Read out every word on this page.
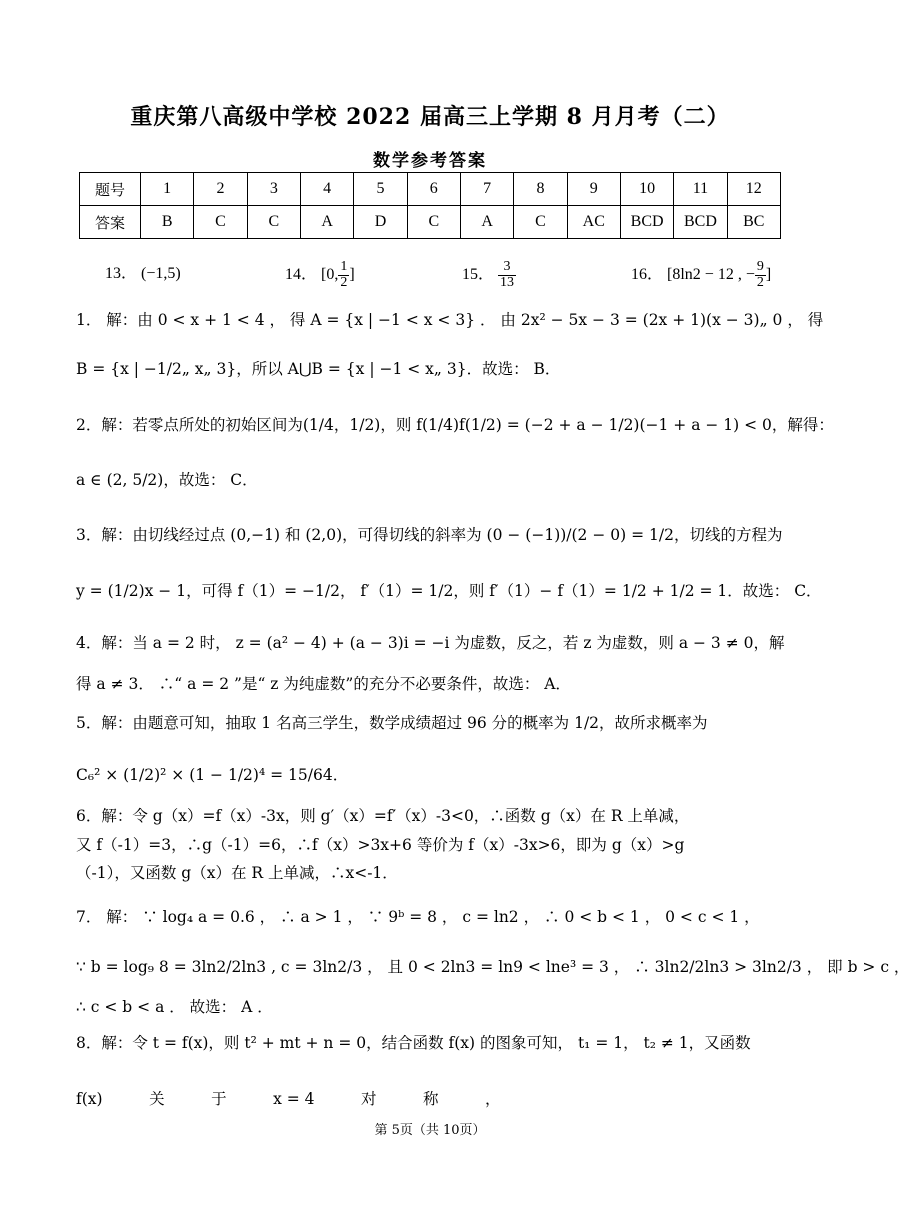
重庆第八高级中学校 2022 届高三上学期 8 月月考（二）
数学参考答案
题号	1	2	3	4	5	6	7	8	9	10	11	12
答案	B	C	C	A	D	C	A	C	AC	BCD	BCD	BC
13． (−1,5)	14． [0, $\frac{1}{2}$ ]	15． $\frac{3}{13}$	16． [8ln2 − 12 , − $\frac{9}{2}$ ]
1． 解：由 0 < x + 1 < 4 ， 得 A = {x | −1 < x < 3} ． 由 2x² − 5x − 3 = (2x + 1)(x − 3)„ 0 ， 得
B = {x | −1/2„ x„ 3}，所以 A⋃B = {x | −1 < x„ 3}．故选： B．
2．解：若零点所处的初始区间为(1/4，1/2)，则 f(1/4)f(1/2) = (−2 + a − 1/2)(−1 + a − 1) < 0，解得：
a ∈ (2, 5/2)，故选： C．
3．解：由切线经过点 (0,−1) 和 (2,0)，可得切线的斜率为 (0 − (−1))/(2 − 0) = 1/2，切线的方程为
y = (1/2)x − 1，可得 f（1）= −1/2， f′（1）= 1/2，则 f′（1）− f（1）= 1/2 + 1/2 = 1．故选： C．
4．解：当 a = 2 时， z = (a² − 4) + (a − 3)i = −i 为虚数，反之，若 z 为虚数，则 a − 3 ≠ 0，解
得 a ≠ 3． ∴“ a = 2 ”是“ z 为纯虚数”的充分不必要条件，故选： A．
5．解：由题意可知，抽取 1 名高三学生，数学成绩超过 96 分的概率为 1/2，故所求概率为
C₆² × (1/2)² × (1 − 1/2)⁴ = 15/64．
6．解：令 g（x）=f（x）‐3x，则 g′（x）=f′（x）‐3<0，∴函数 g（x）在 R 上单减，
又 f（‐1）=3，∴g（‐1）=6，∴f（x）>3x+6 等价为 f（x）‐3x>6，即为 g（x）>g
（‐1），又函数 g（x）在 R 上单减，∴x<‐1．
7． 解： ∵ log₄ a = 0.6 ， ∴ a > 1 ， ∵ 9ᵇ = 8 ， c = ln2 ， ∴ 0 < b < 1 ， 0 < c < 1 ，
∵ b = log₉ 8 = 3ln2/2ln3 , c = 3ln2/3 ， 且 0 < 2ln3 = ln9 < lne³ = 3 ， ∴ 3ln2/2ln3 > 3ln2/3 ， 即 b > c ，
∴ c < b < a ． 故选： A ．
8．解：令 t = f(x)，则 t² + mt + n = 0，结合函数 f(x) 的图象可知， t₁ = 1， t₂ ≠ 1，又函数
f(x)　　　关　　　于　　　x = 4　　　对　　　称　　　，
第 5页（共 10页）
